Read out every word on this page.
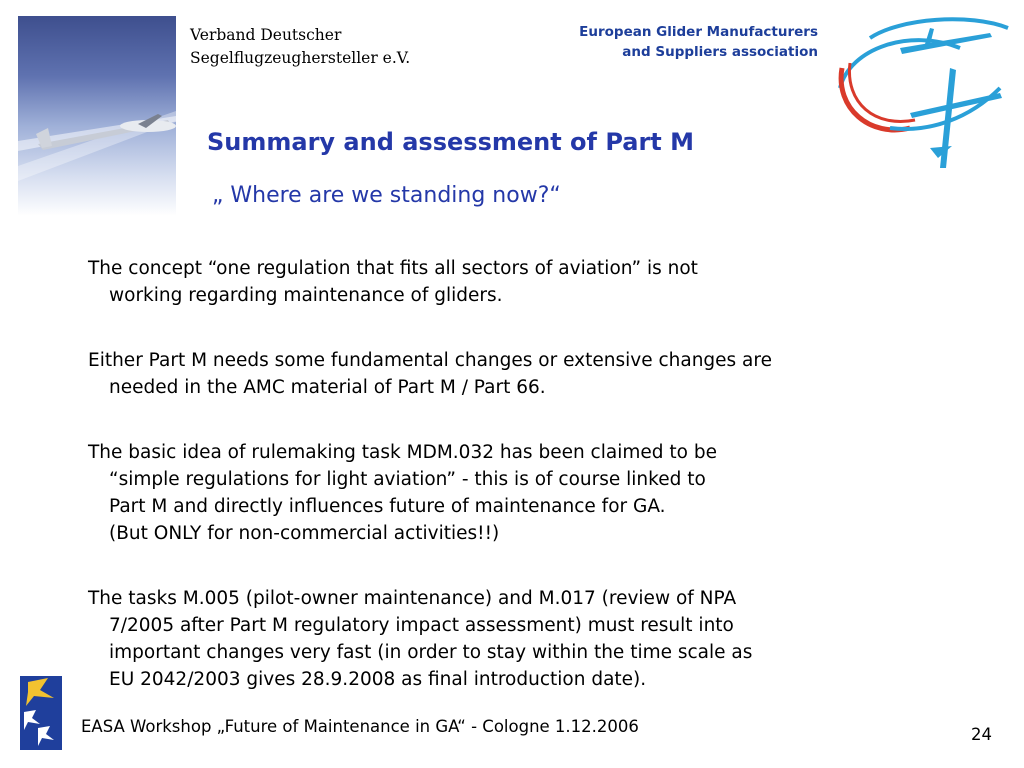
Verband Deutscher
Segelflugzeughersteller e.V.
European Glider Manufacturers
and Suppliers association
Summary and assessment of Part M
„ Where are we standing now?“

The concept “one regulation that fits all sectors of aviation” is not
working regarding maintenance of gliders.

Either Part M needs some fundamental changes or extensive changes are
needed in the AMC material of Part M / Part 66.

The basic idea of rulemaking task MDM.032 has been claimed to be
“simple regulations for light aviation” - this is of course linked to
Part M and directly influences future of maintenance for GA.
(But ONLY for non-commercial activities!!)

The tasks M.005 (pilot-owner maintenance) and M.017 (review of NPA
7/2005 after Part M regulatory impact assessment) must result into
important changes very fast (in order to stay within the time scale as
EU 2042/2003 gives 28.9.2008 as final introduction date).

EASA Workshop „Future of Maintenance in GA“ - Cologne 1.12.2006	24
